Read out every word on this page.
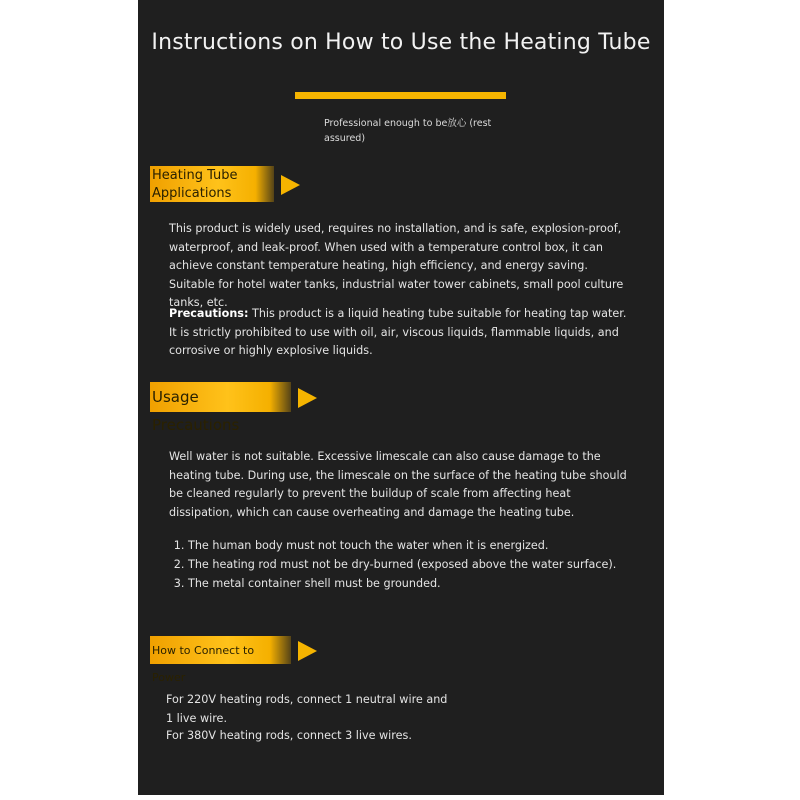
Instructions on How to Use the Heating Tube
Professional enough to be放心 (rest assured)
Heating Tube Applications
This product is widely used, requires no installation, and is safe, explosion-proof, waterproof, and leak-proof. When used with a temperature control box, it can achieve constant temperature heating, high efficiency, and energy saving. Suitable for hotel water tanks, industrial water tower cabinets, small pool culture tanks, etc.
Precautions: This product is a liquid heating tube suitable for heating tap water. It is strictly prohibited to use with oil, air, viscous liquids, flammable liquids, and corrosive or highly explosive liquids.
Usage Precautions
Well water is not suitable. Excessive limescale can also cause damage to the heating tube. During use, the limescale on the surface of the heating tube should be cleaned regularly to prevent the buildup of scale from affecting heat dissipation, which can cause overheating and damage the heating tube.
1. The human body must not touch the water when it is energized.
2. The heating rod must not be dry-burned (exposed above the water surface).
3. The metal container shell must be grounded.
How to Connect to Power
For 220V heating rods, connect 1 neutral wire and 1 live wire.
For 380V heating rods, connect 3 live wires.
